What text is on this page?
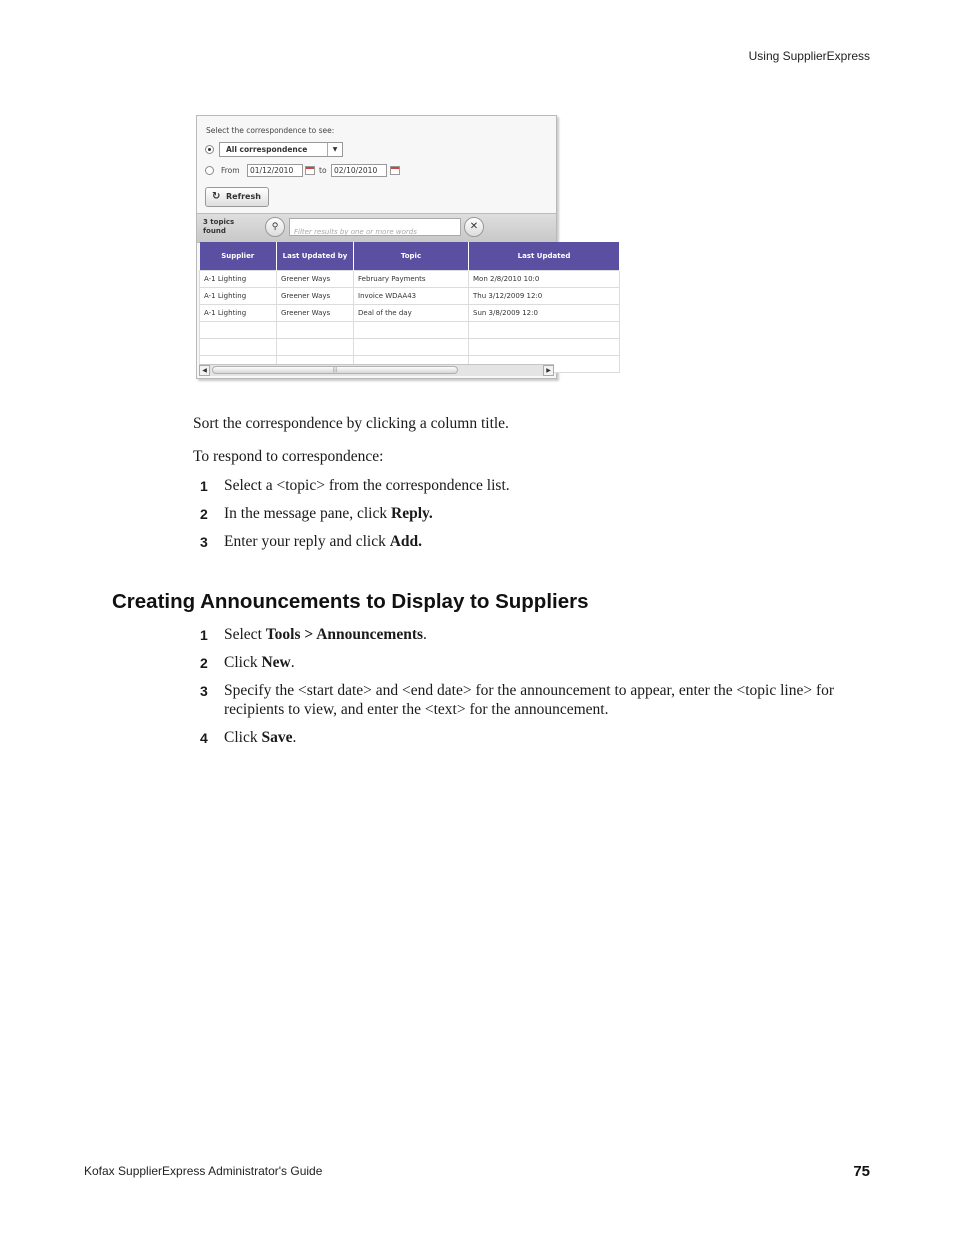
Using SupplierExpress
Select the correspondence to see:
All correspondence	▼
From	01/12/2010	to 02/10/2010
↻ Refresh
3 topics
found	⚲
Filter results by one or more words	✕
Supplier	Last Updated by	Topic	Last Updated
A-1 Lighting	Greener Ways	February Payments	Mon 2/8/2010 10:0
A-1 Lighting	Greener Ways	Invoice WDAA43	Thu 3/12/2009 12:0
A-1 Lighting	Greener Ways	Deal of the day	Sun 3/8/2009 12:0

◀	|||	▶
Sort the correspondence by clicking a column title.
To respond to correspondence:
1 Select a <topic> from the correspondence list.
2 In the message pane, click Reply.
3 Enter your reply and click Add.
Creating Announcements to Display to Suppliers
1 Select Tools > Announcements.
2 Click New.
3 Specify the <start date> and <end date> for the announcement to appear, enter the <topic line> for recipients to view, and enter the <text> for the announcement.
4 Click Save.
Kofax SupplierExpress Administrator's Guide	75
